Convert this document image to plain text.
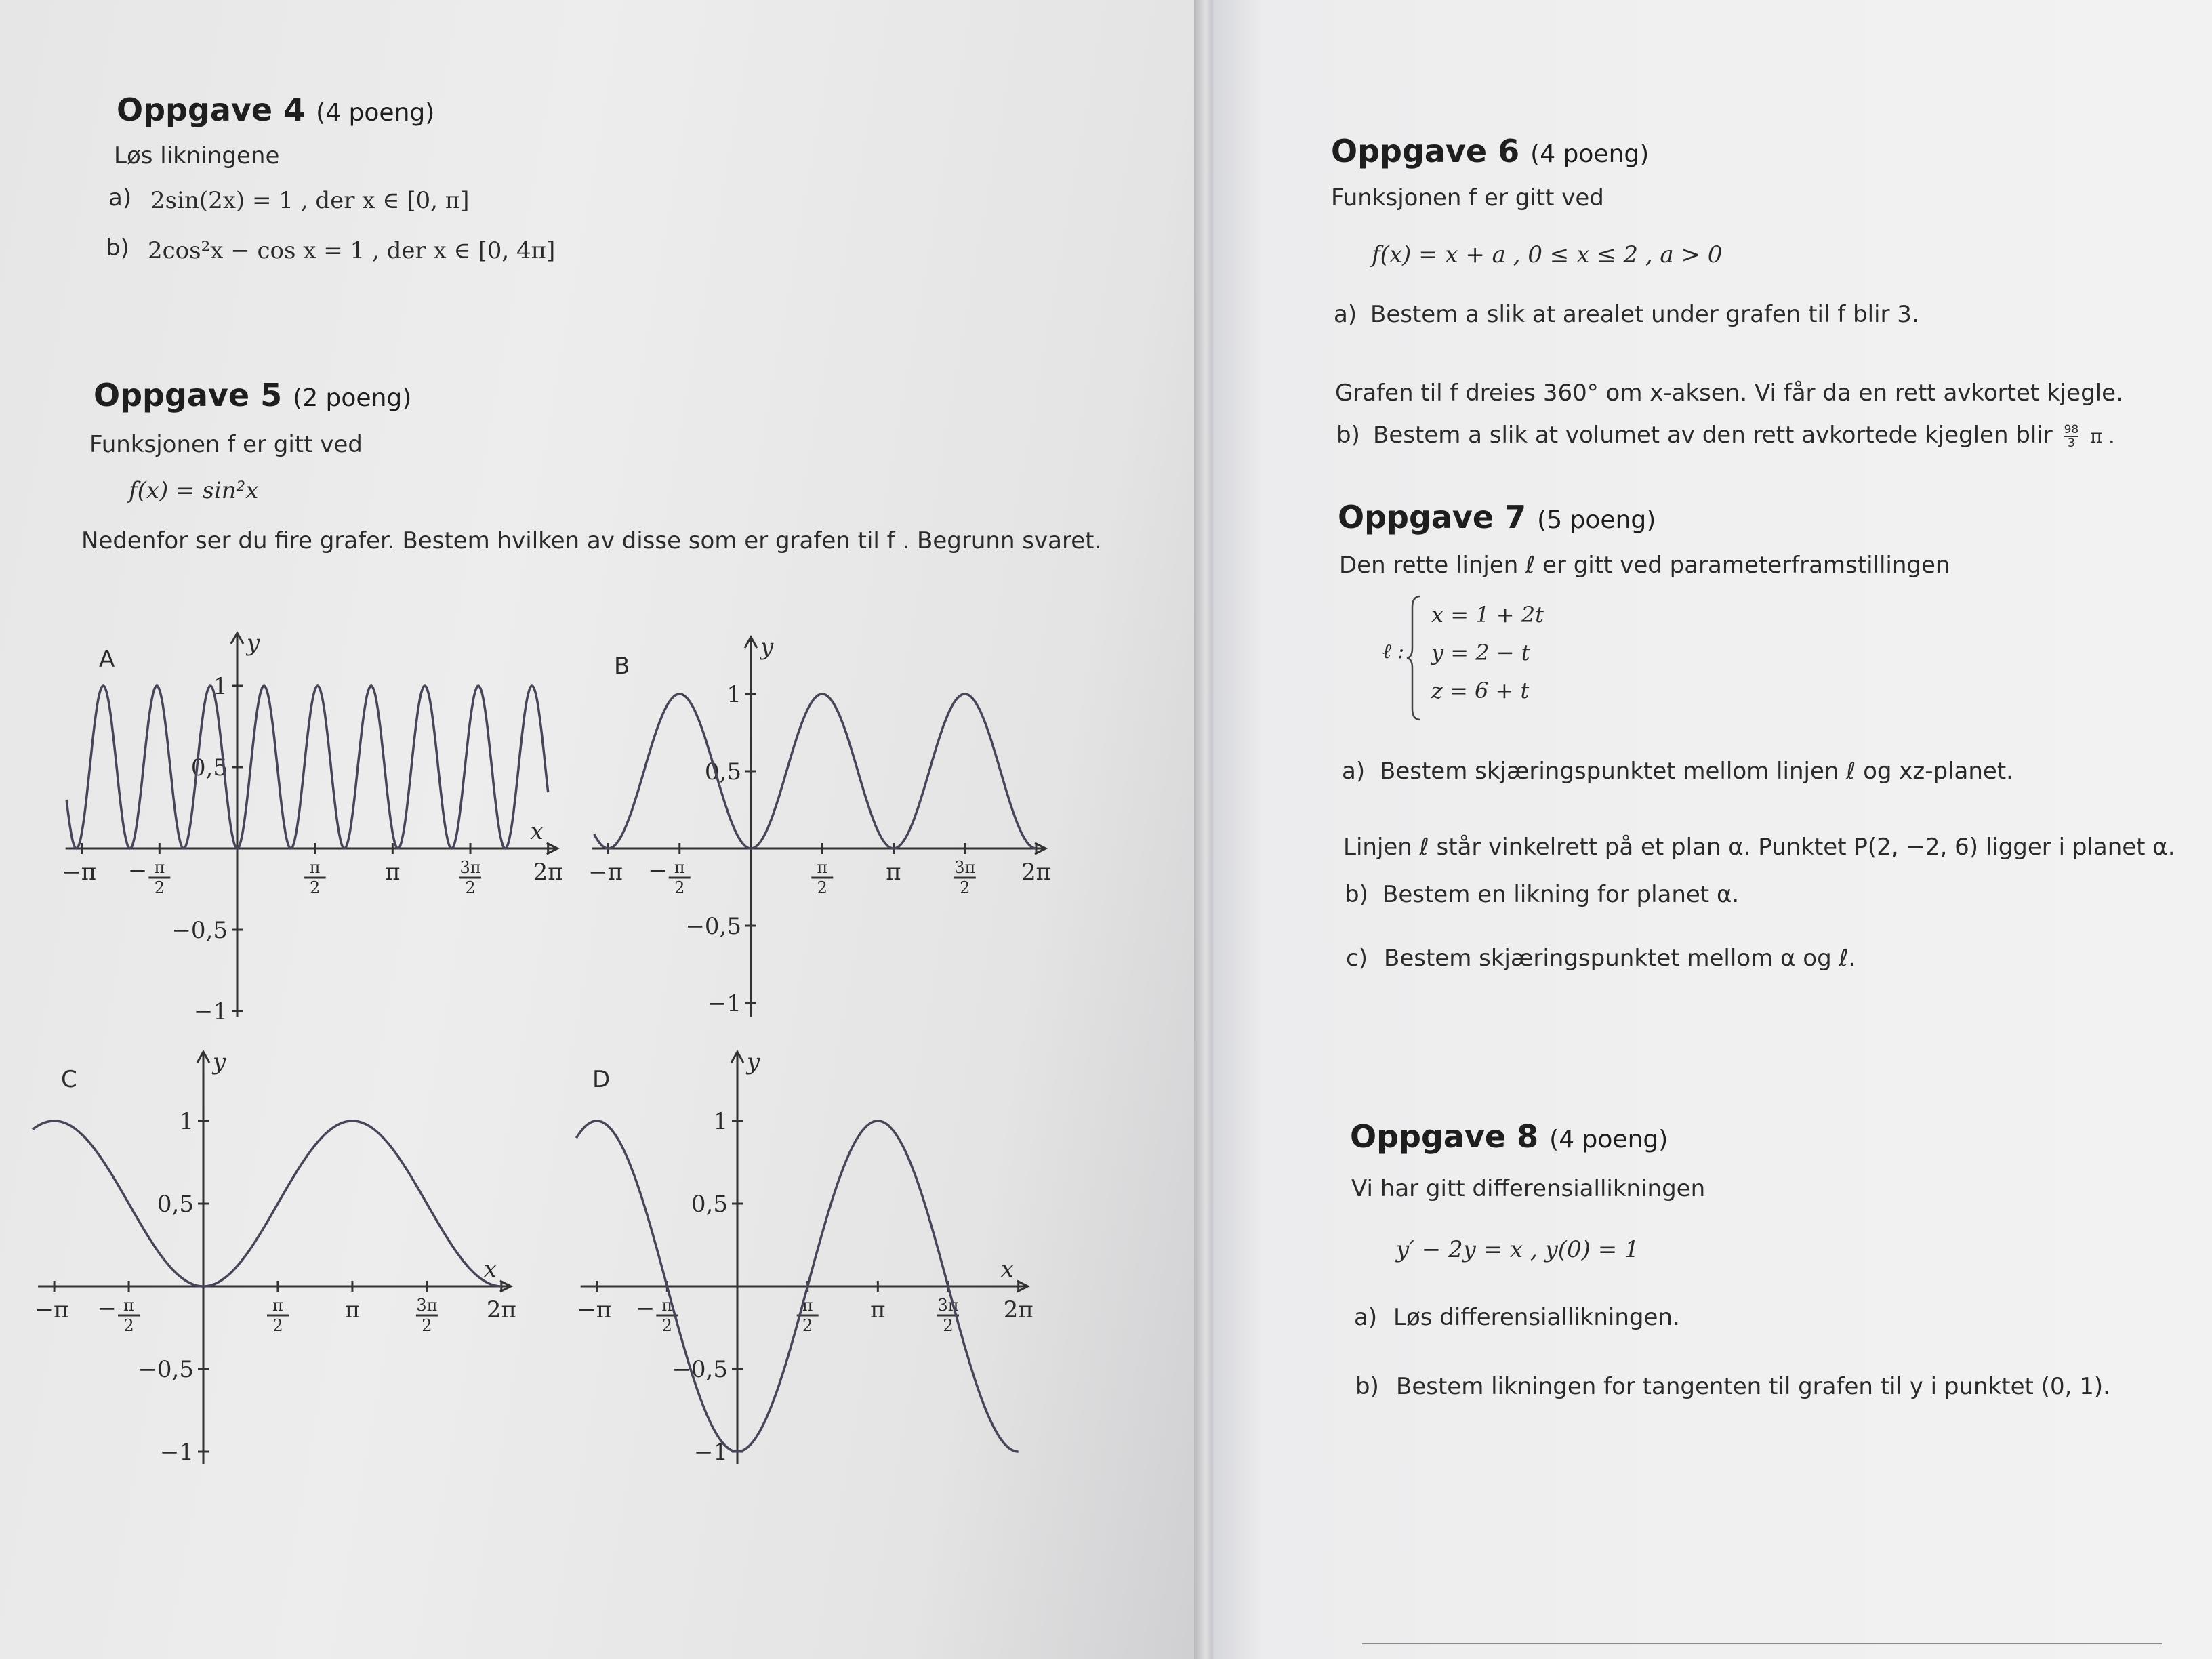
Oppgave 4 (4 poeng)
Løs likningene
a) 2sin(2x) = 1 , der x ∈ [0, π]
b) 2cos²x − cos x = 1 , der x ∈ [0, 4π]
Oppgave 5 (2 poeng)
Funksjonen f er gitt ved
f(x) = sin²x
Nedenfor ser du fire grafer. Bestem hvilken av disse som er grafen til f . Begrunn svaret.
y
x
A
1
0,5
−0,5
−1
−π	π	2π
− π
2
π
2
3π
2
y
B
1
0,5
−0,5
−1
−π	π	2π
− π
2
π
2
3π
2
y
x
C
1
0,5
−0,5
−1
−π	π	2π
− π
2
π
2
3π
2
y
x
D
1
0,5
−0,5
−1
−π	π	2π
− π
2
π
2
3π
2
Oppgave 6 (4 poeng)
Funksjonen f er gitt ved
f(x) = x + a , 0 ≤ x ≤ 2 , a > 0
a) Bestem a slik at arealet under grafen til f blir 3.
Grafen til f dreies 360° om x-aksen. Vi får da en rett avkortet kjegle.
b) Bestem a slik at volumet av den rett avkortede kjeglen blir $\frac{98}{3}$ π .
Oppgave 7 (5 poeng)
Den rette linjen ℓ er gitt ved parameterframstillingen
ℓ :
x = 1 + 2t
y = 2 − t
z = 6 + t
a) Bestem skjæringspunktet mellom linjen ℓ og xz-planet.
Linjen ℓ står vinkelrett på et plan α. Punktet P(2, −2, 6) ligger i planet α.
b) Bestem en likning for planet α.
c) Bestem skjæringspunktet mellom α og ℓ.
Oppgave 8 (4 poeng)
Vi har gitt differensiallikningen
y′ − 2y = x , y(0) = 1
a) Løs differensiallikningen.
b) Bestem likningen for tangenten til grafen til y i punktet (0, 1).
